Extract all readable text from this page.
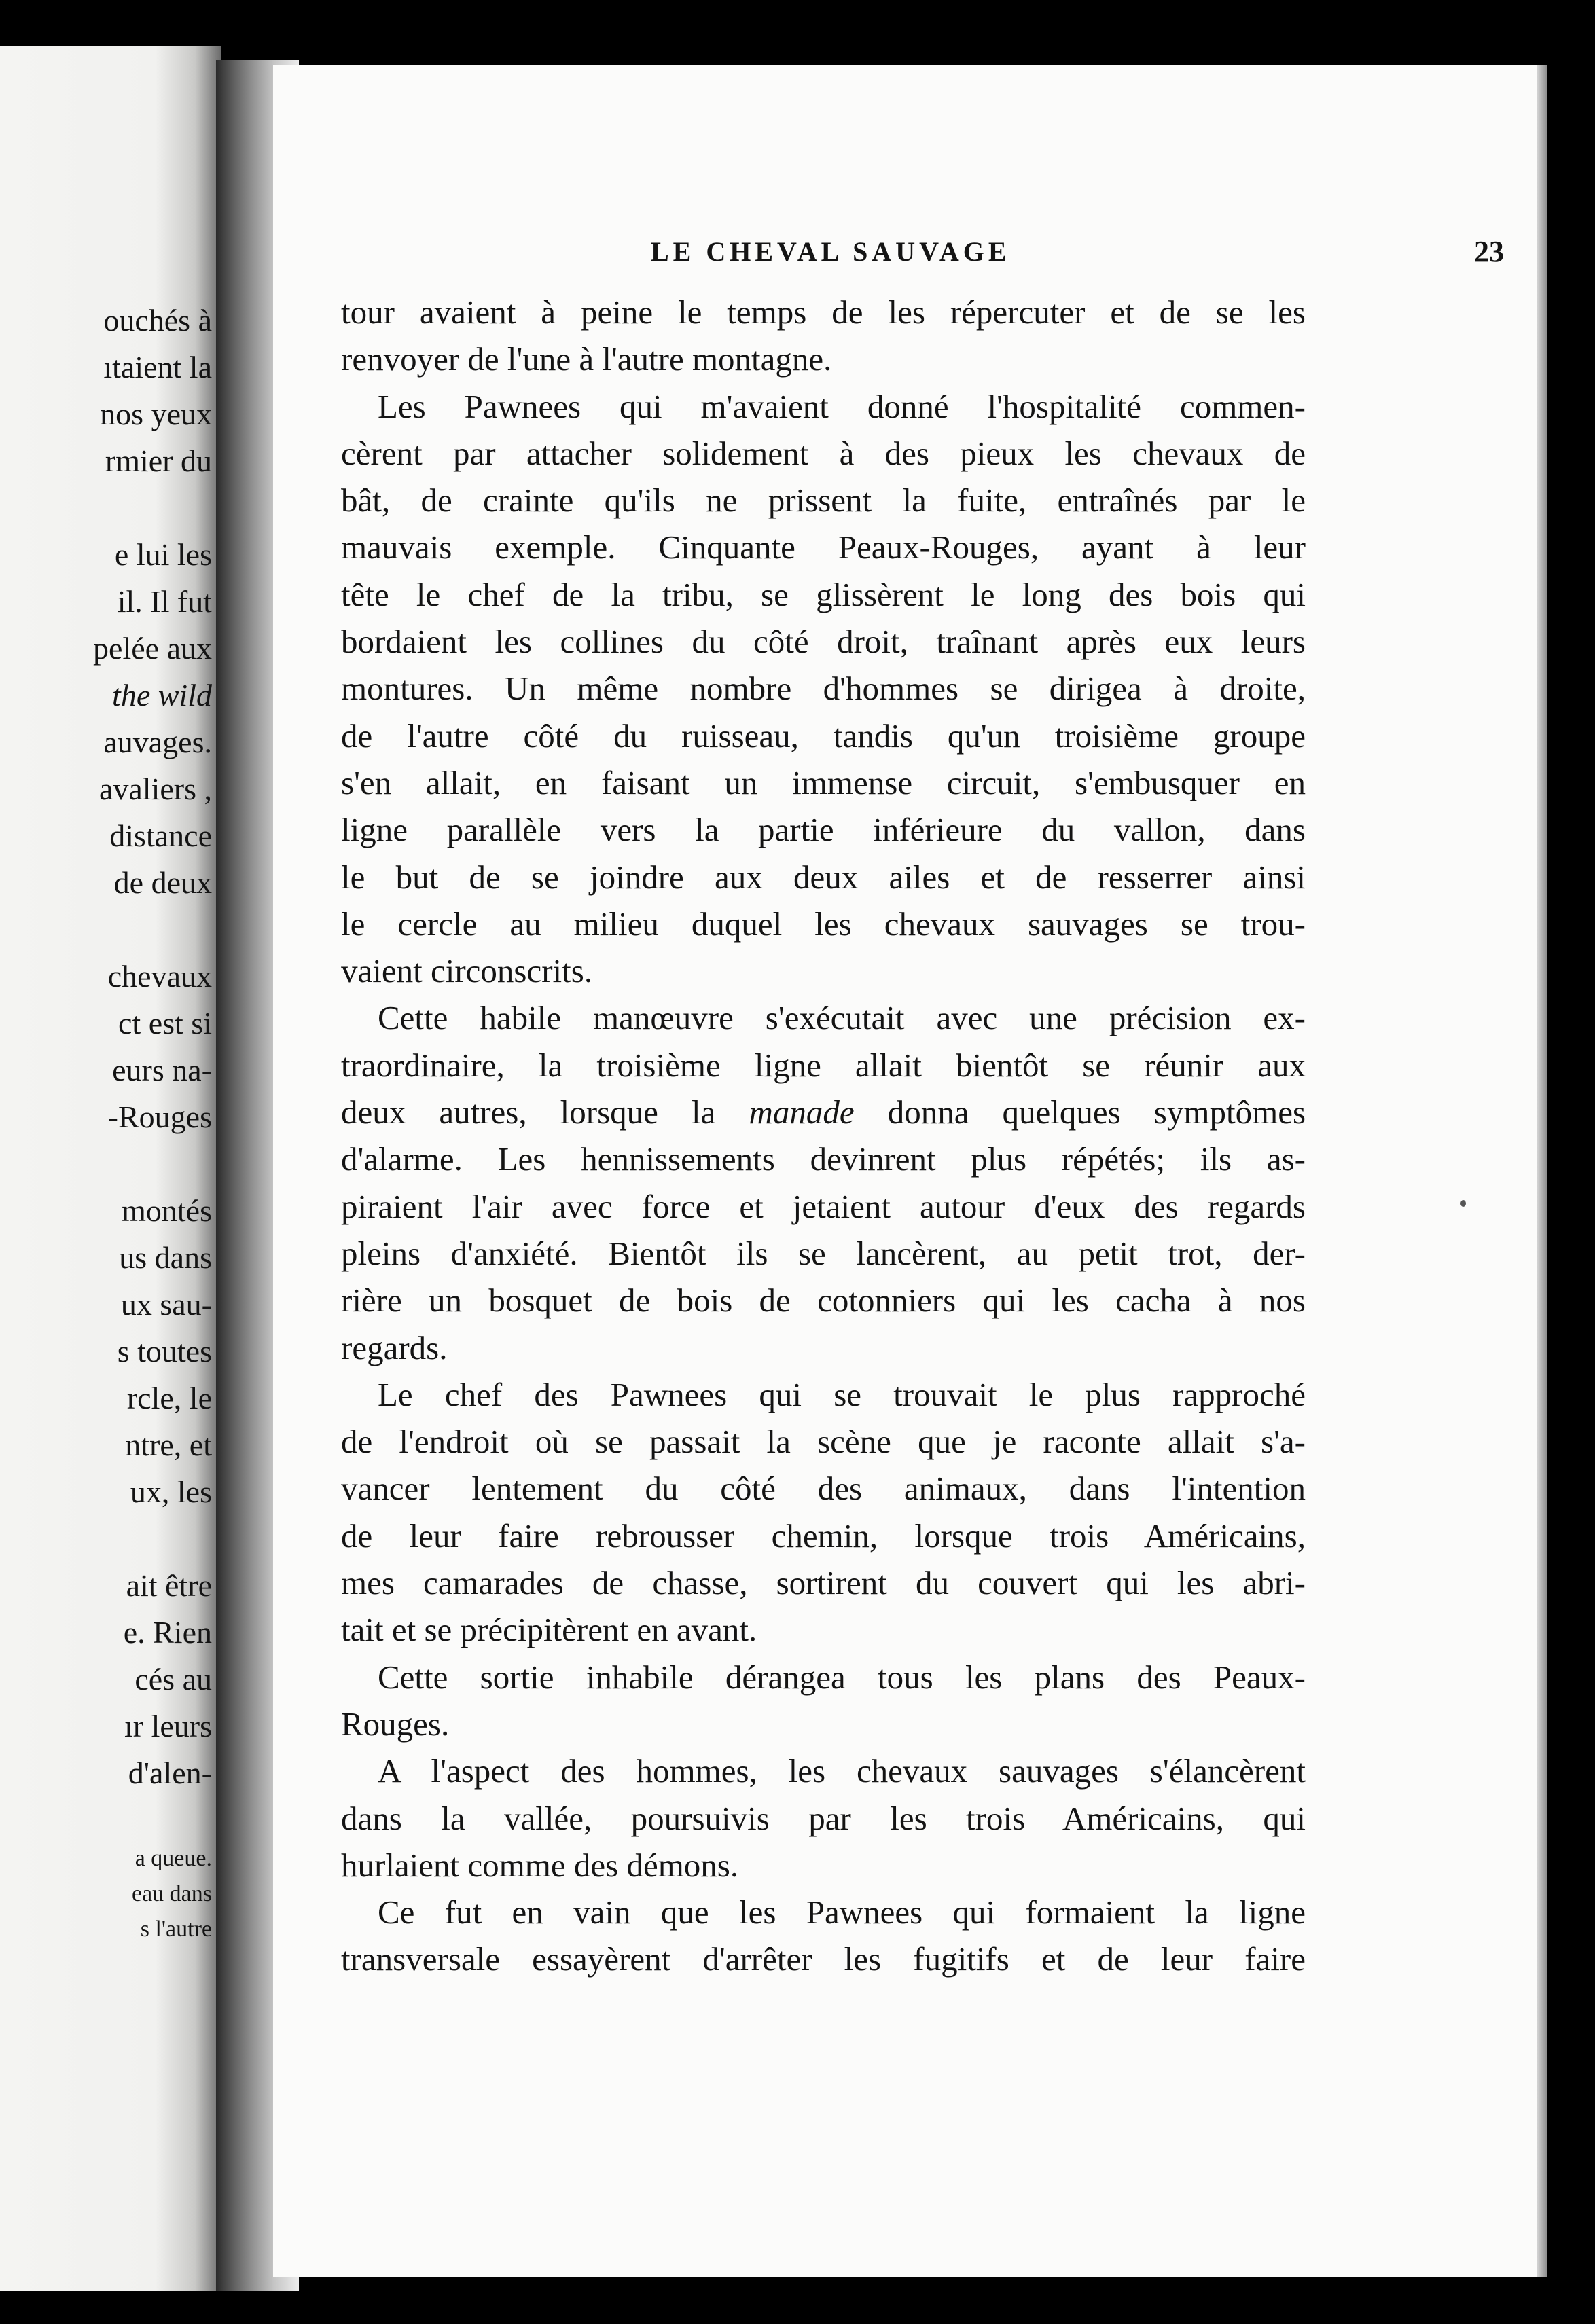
ouchés à
ıtaient la
nos yeux
rmier du
e lui les
il. Il fut
pelée aux
the wild
auvages.
avaliers ,
distance
de deux
chevaux
ct est si
eurs na-
-Rouges
montés
us dans
ux sau-
s toutes
rcle, le
ntre, et
ux, les
ait être
e. Rien
cés au
ır leurs
d'alen-
a queue.
eau dans
s l'autre
LE CHEVAL SAUVAGE	23
tour avaient à peine le temps de les répercuter et de se les
renvoyer de l'une à l'autre montagne.
Les Pawnees qui m'avaient donné l'hospitalité commen-
cèrent par attacher solidement à des pieux les chevaux de
bât, de crainte qu'ils ne prissent la fuite, entraînés par le
mauvais exemple. Cinquante Peaux-Rouges, ayant à leur
tête le chef de la tribu, se glissèrent le long des bois qui
bordaient les collines du côté droit, traînant après eux leurs
montures. Un même nombre d'hommes se dirigea à droite,
de l'autre côté du ruisseau, tandis qu'un troisième groupe
s'en allait, en faisant un immense circuit, s'embusquer en
ligne parallèle vers la partie inférieure du vallon, dans
le but de se joindre aux deux ailes et de resserrer ainsi
le cercle au milieu duquel les chevaux sauvages se trou-
vaient circonscrits.
Cette habile manœuvre s'exécutait avec une précision ex-
traordinaire, la troisième ligne allait bientôt se réunir aux
deux autres, lorsque la manade donna quelques symptômes
d'alarme. Les hennissements devinrent plus répétés; ils as-
piraient l'air avec force et jetaient autour d'eux des regards
pleins d'anxiété. Bientôt ils se lancèrent, au petit trot, der-
rière un bosquet de bois de cotonniers qui les cacha à nos
regards.
Le chef des Pawnees qui se trouvait le plus rapproché
de l'endroit où se passait la scène que je raconte allait s'a-
vancer lentement du côté des animaux, dans l'intention
de leur faire rebrousser chemin, lorsque trois Américains,
mes camarades de chasse, sortirent du couvert qui les abri-
tait et se précipitèrent en avant.
Cette sortie inhabile dérangea tous les plans des Peaux-
Rouges.
A l'aspect des hommes, les chevaux sauvages s'élancèrent
dans la vallée, poursuivis par les trois Américains, qui
hurlaient comme des démons.
Ce fut en vain que les Pawnees qui formaient la ligne
transversale essayèrent d'arrêter les fugitifs et de leur faire
